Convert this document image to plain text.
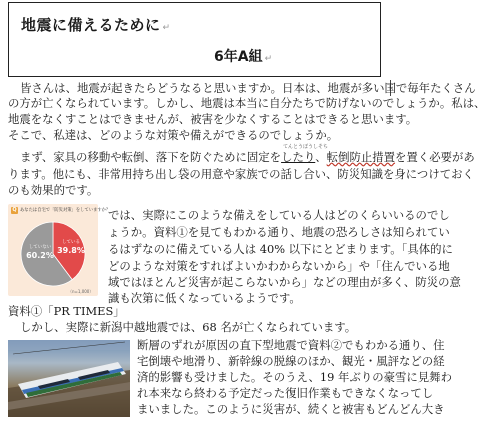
地震に備えるために ↵
6年A組 ↵
皆さんは、地震が起きたらどうなると思いますか。日本は、地震が多い国で毎年たくさん
の方が亡くなられています。しかし、地震は本当に自分たちで防げないのでしょうか。私は、
地震をなくすことはできませんが、被害を少なくすることはできると思います。
そこで、私達は、どのような対策や備えができるのでしょうか。
てんとうぼうしそち
まず、家具の移動や転倒、落下を防ぐために固定をしたり、転倒防止措置を置く必要があ
ります。他にも、非常用持ち出し袋の用意や家族での話し合い、防災知識を身につけておく
のも効果的です。
Q あなたは自宅で「防災対策」をしていますか？
していない
60.2%
している
39.8%
（n=1,000）
では、実際にこのような備えをしている人はどのくらいいるのでし
ょうか。資料①を見てもわかる通り、地震の恐ろしさは知られてい
るはずなのに備えている人は 40% 以下にとどまります。「具体的に
どのような対策をすればよいかわからないから」や「住んでいる地
域ではほとんど災害が起こらないから」などの理由が多く、防災の意
識も次第に低くなっているようです。
資料①「PR TIMES」
しかし、実際に新潟中越地震では、68 名が亡くなられています。
断層のずれが原因の直下型地震で資料②でもわかる通り、住
宅倒壊や地滑り、新幹線の脱線のほか、観光・風評などの経
済的影響も受けました。そのうえ、19 年ぶりの豪雪に見舞わ
れ本来なら終わる予定だった復旧作業もできなくなってし
まいました。このように災害が、続くと被害もどんどん大き
